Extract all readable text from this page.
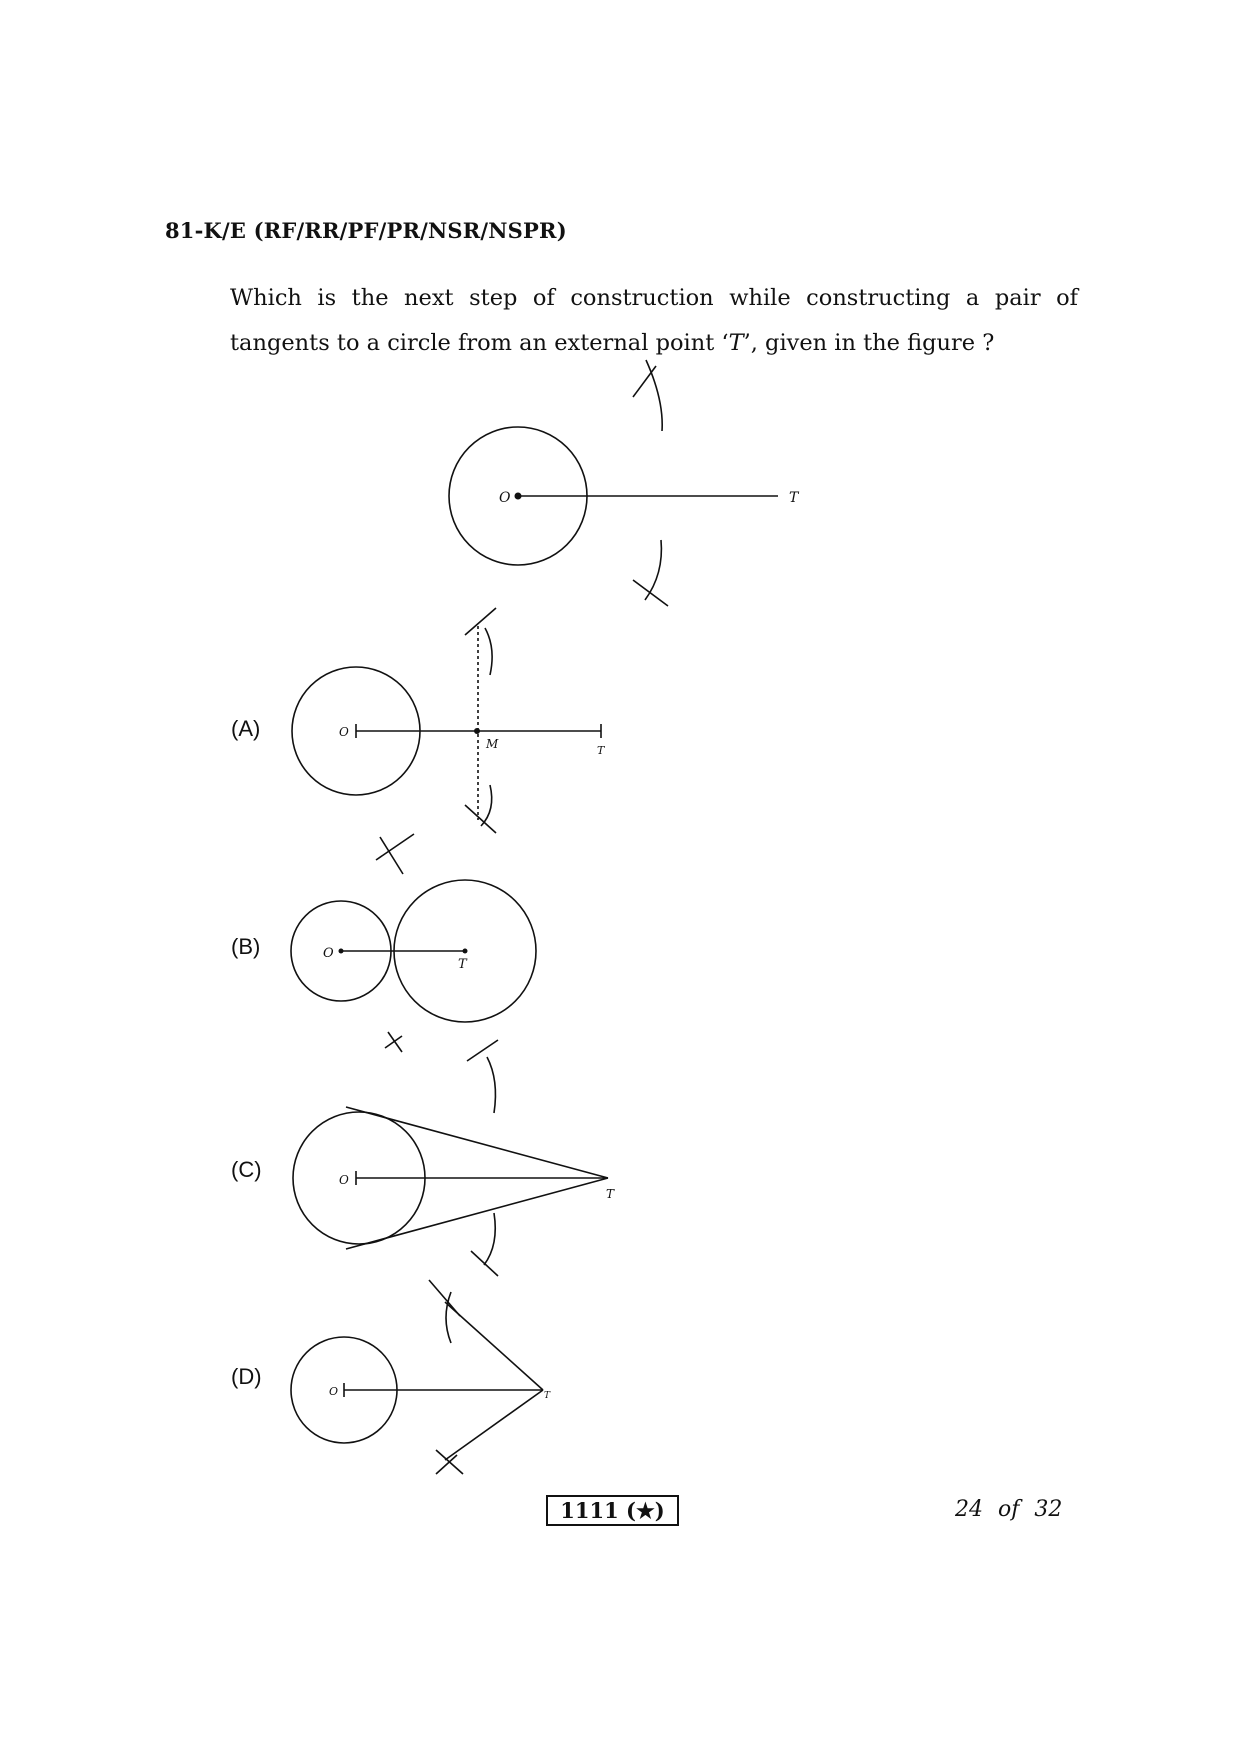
81-K/E (RF/RR/PF/PR/NSR/NSPR)
Which is the next step of construction while constructing a pair of tangents to a circle from an external point ‘T’, given in the figure ?
O	T
O
M	T
O
T
O
T
O	T
(A)
(B)
(C)
(D)
1111 (★)	24 of 32
